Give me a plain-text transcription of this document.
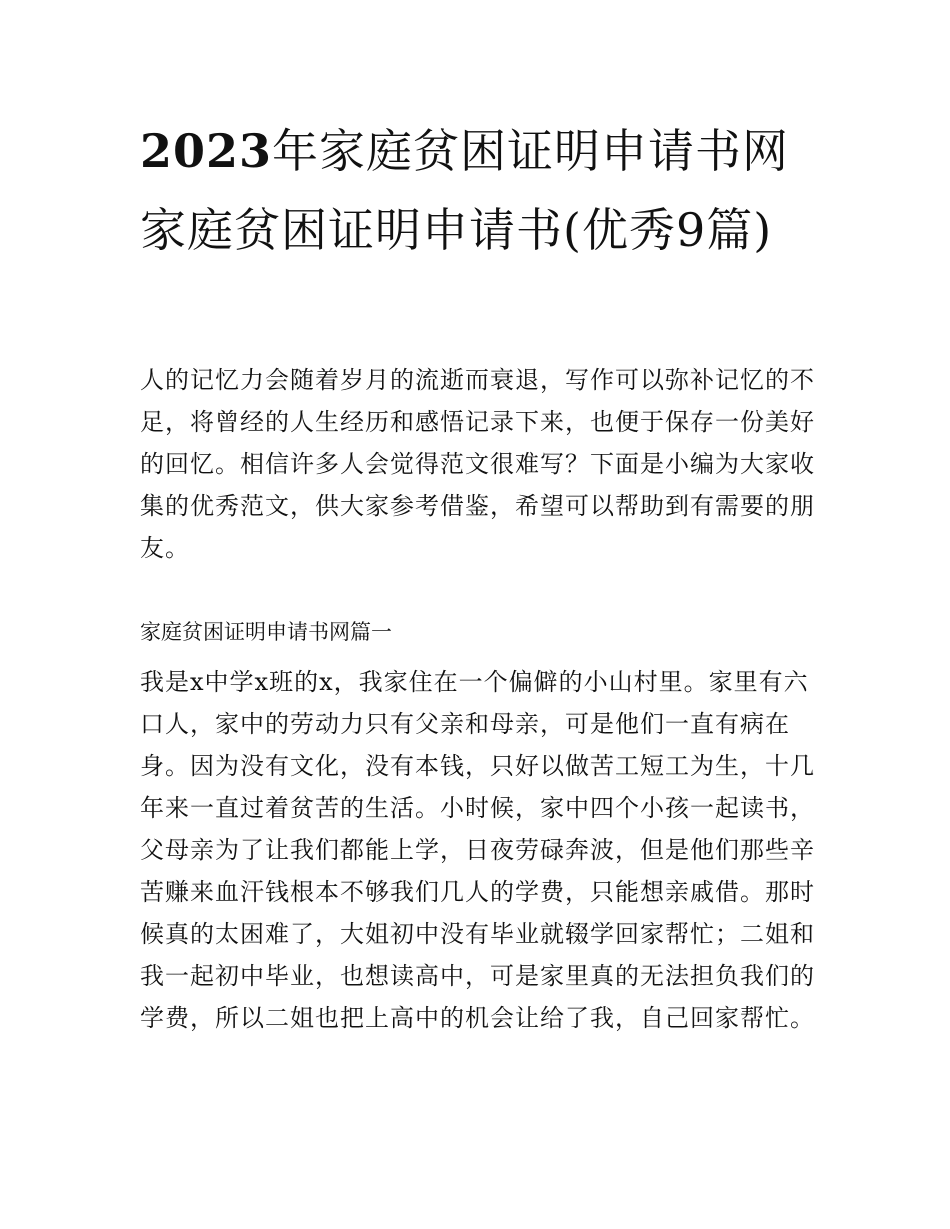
2023年家庭贫困证明申请书网家庭贫困证明申请书(优秀9篇)

人的记忆力会随着岁月的流逝而衰退，写作可以弥补记忆的不足，将曾经的人生经历和感悟记录下来，也便于保存一份美好的回忆。相信许多人会觉得范文很难写？下面是小编为大家收集的优秀范文，供大家参考借鉴，希望可以帮助到有需要的朋友。

家庭贫困证明申请书网篇一

我是x中学x班的x，我家住在一个偏僻的小山村里。家里有六口人，家中的劳动力只有父亲和母亲，可是他们一直有病在身。因为没有文化，没有本钱，只好以做苦工短工为生，十几年来一直过着贫苦的生活。小时候，家中四个小孩一起读书，父母亲为了让我们都能上学，日夜劳碌奔波，但是他们那些辛苦赚来血汗钱根本不够我们几人的学费，只能想亲戚借。那时候真的太困难了，大姐初中没有毕业就辍学回家帮忙；二姐和我一起初中毕业，也想读高中，可是家里真的无法担负我们的学费，所以二姐也把上高中的机会让给了我，自己回家帮忙。
